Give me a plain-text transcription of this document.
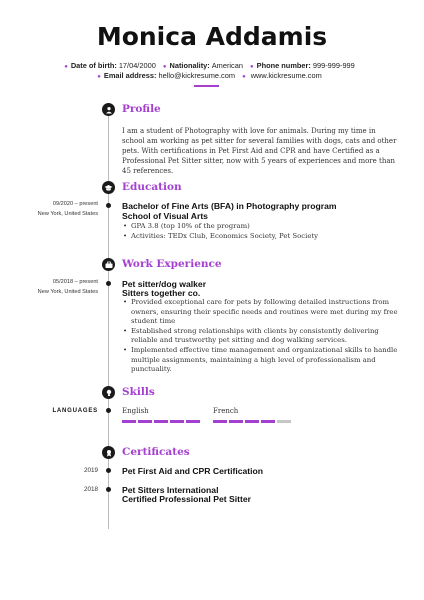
Monica Addamis
● Date of birth: 17/04/2000 ● Nationality: American ● Phone number: 999-999-999
● Email address: hello@kickresume.com ● www.kickresume.com
Profile
I am a student of Photography with love for animals. During my time in school am working as pet sitter for several families with dogs, cats and other pets. With certifications in Pet First Aid and CPR and have Certified as a Professional Pet Sitter sitter, now with 5 years of experiences and more than 45 references.
Education
09/2020 – present
New York, United States
Bachelor of Fine Arts (BFA) in Photography program
School of Visual Arts
• GPA 3.8 (top 10% of the program)
• Activities: TEDx Club, Economics Society, Pet Society
Work Experience
05/2018 – present
New York, United States
Pet sitter/dog walker
Sitters together co.
• Provided exceptional care for pets by following detailed instructions from owners, ensuring their specific needs and routines were met during my free student time
• Established strong relationships with clients by consistently delivering reliable and trustworthy pet sitting and dog walking services.
• Implemented effective time management and organizational skills to handle multiple assignments, maintaining a high level of professionalism and punctuality.
Skills
LANGUAGES	English	French
Certificates
2019	Pet First Aid and CPR Certification
2018	Pet Sitters International
Certified Professional Pet Sitter
